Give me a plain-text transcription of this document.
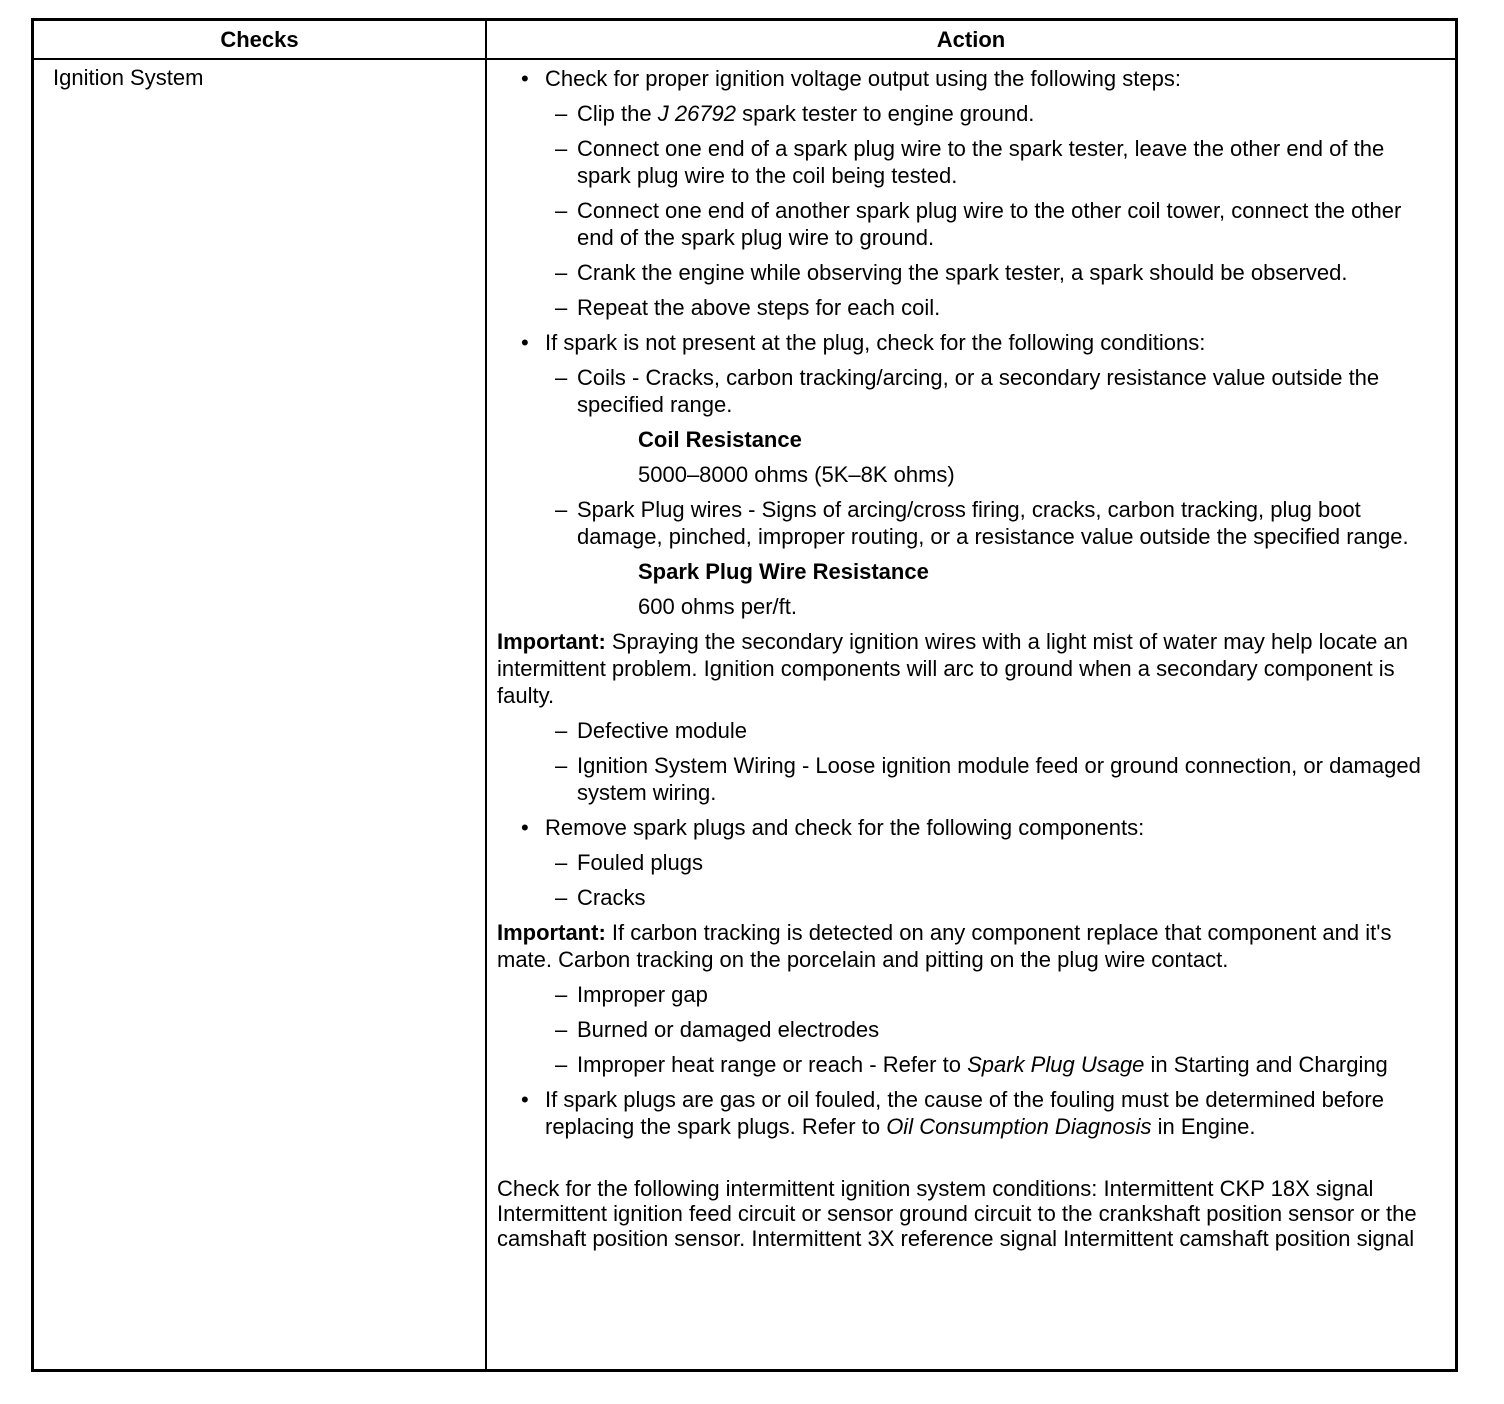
Checks	Action
Ignition System	• Check for proper ignition voltage output using the following steps:
– Clip the J 26792 spark tester to engine ground.
– Connect one end of a spark plug wire to the spark tester, leave the other end of the spark plug wire to the coil being tested.
– Connect one end of another spark plug wire to the other coil tower, connect the other end of the spark plug wire to ground.
– Crank the engine while observing the spark tester, a spark should be observed.
– Repeat the above steps for each coil.
• If spark is not present at the plug, check for the following conditions:
– Coils - Cracks, carbon tracking/arcing, or a secondary resistance value outside the specified range.
Coil Resistance
5000–8000 ohms (5K–8K ohms)
– Spark Plug wires - Signs of arcing/cross firing, cracks, carbon tracking, plug boot damage, pinched, improper routing, or a resistance value outside the specified range.
Spark Plug Wire Resistance
600 ohms per/ft.
Important: Spraying the secondary ignition wires with a light mist of water may help locate an intermittent problem. Ignition components will arc to ground when a secondary component is faulty.
– Defective module
– Ignition System Wiring - Loose ignition module feed or ground connection, or damaged system wiring.
• Remove spark plugs and check for the following components:
– Fouled plugs
– Cracks
Important: If carbon tracking is detected on any component replace that component and it's mate. Carbon tracking on the porcelain and pitting on the plug wire contact.
– Improper gap
– Burned or damaged electrodes
– Improper heat range or reach - Refer to Spark Plug Usage in Starting and Charging
• If spark plugs are gas or oil fouled, the cause of the fouling must be determined before replacing the spark plugs. Refer to Oil Consumption Diagnosis in Engine.
Check for the following intermittent ignition system conditions: Intermittent CKP 18X signal Intermittent ignition feed circuit or sensor ground circuit to the crankshaft position sensor or the camshaft position sensor. Intermittent 3X reference signal Intermittent camshaft position signal
